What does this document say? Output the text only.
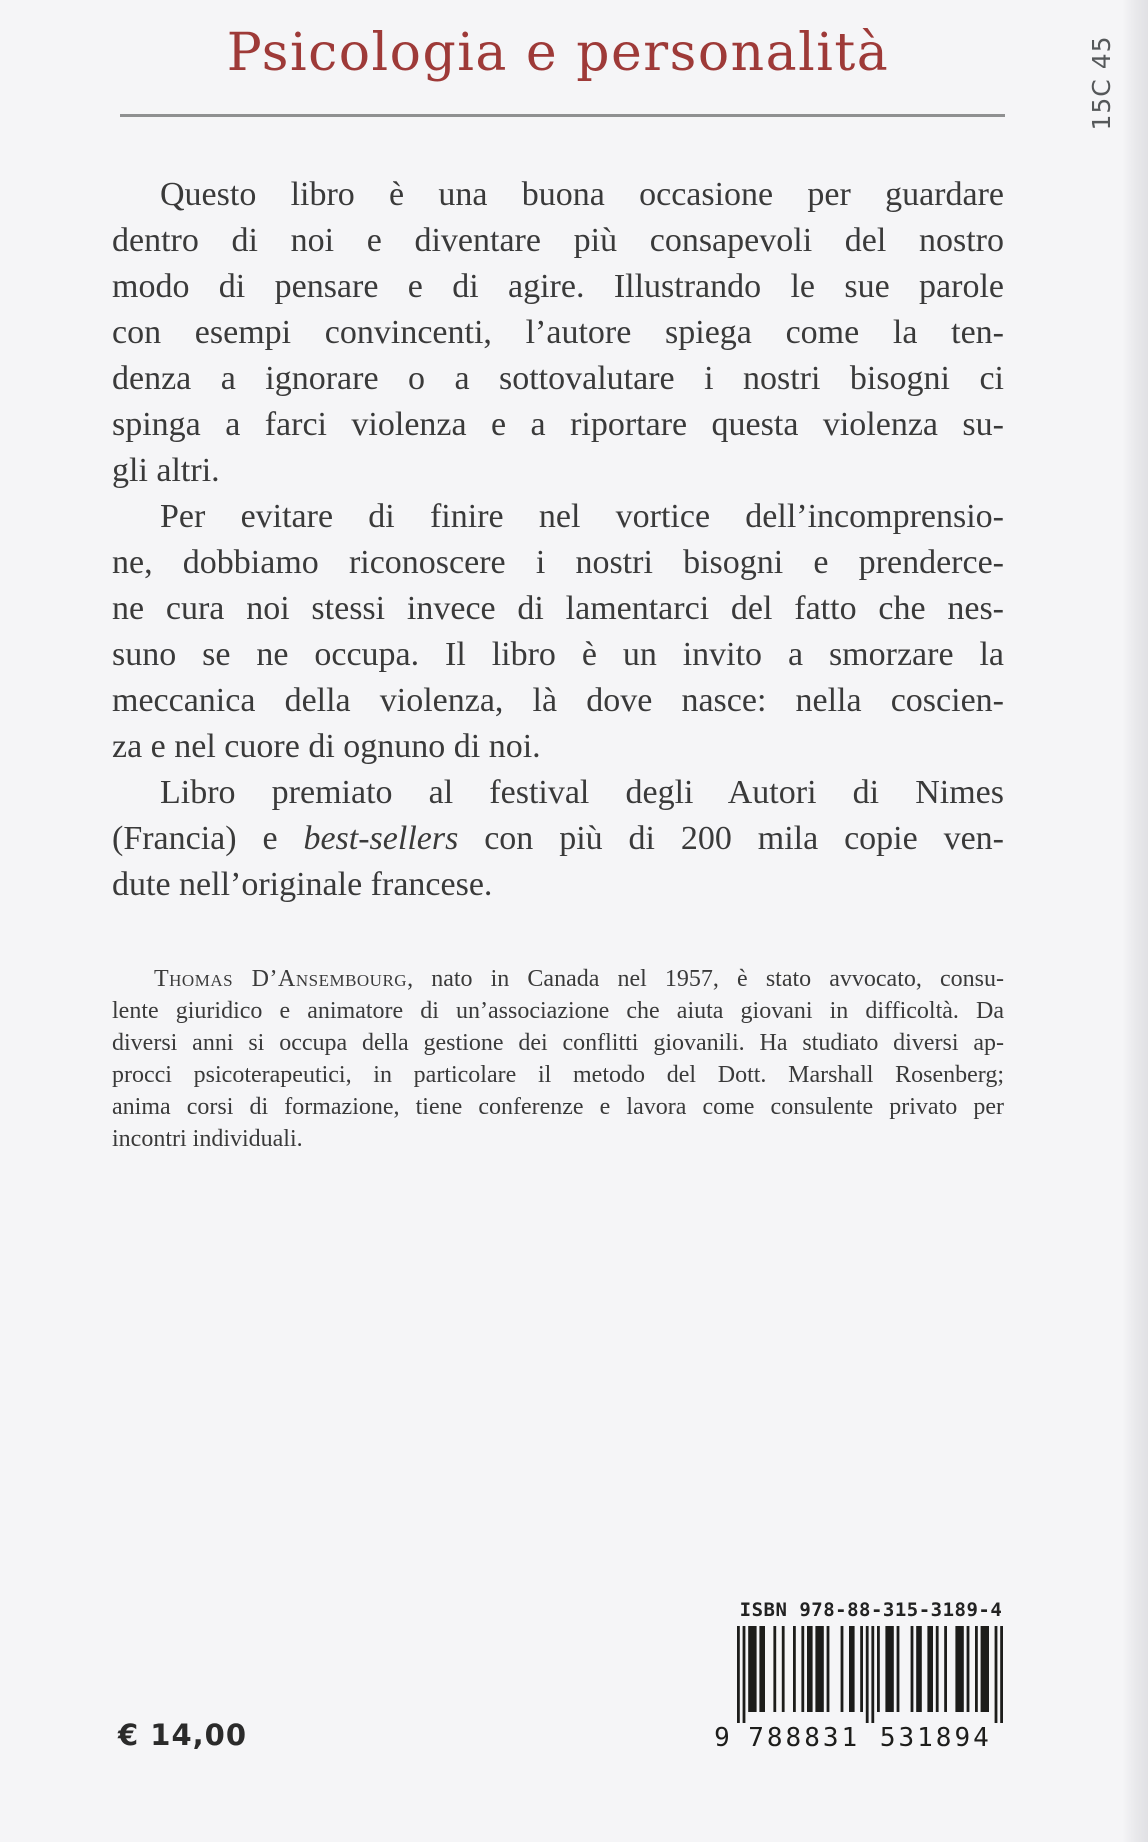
Psicologia e personalità	15C 45
Questo libro è una buona occasione per guardare
dentro di noi e diventare più consapevoli del nostro
modo di pensare e di agire. Illustrando le sue parole
con esempi convincenti, l’autore spiega come la ten-
denza a ignorare o a sottovalutare i nostri bisogni ci
spinga a farci violenza e a riportare questa violenza su-
gli altri.
Per evitare di finire nel vortice dell’incomprensio-
ne, dobbiamo riconoscere i nostri bisogni e prenderce-
ne cura noi stessi invece di lamentarci del fatto che nes-
suno se ne occupa. Il libro è un invito a smorzare la
meccanica della violenza, là dove nasce: nella coscien-
za e nel cuore di ognuno di noi.
Libro premiato al festival degli Autori di Nimes
(Francia) e best-sellers con più di 200 mila copie ven-
dute nell’originale francese.
Thomas D’Ansembourg, nato in Canada nel 1957, è stato avvocato, consu-
lente giuridico e animatore di un’associazione che aiuta giovani in difficoltà. Da
diversi anni si occupa della gestione dei conflitti giovanili. Ha studiato diversi ap-
procci psicoterapeutici, in particolare il metodo del Dott. Marshall Rosenberg;
anima corsi di formazione, tiene conferenze e lavora come consulente privato per
incontri individuali.
ISBN 978-88-315-3189-4
9 788831 531894
€ 14,00
